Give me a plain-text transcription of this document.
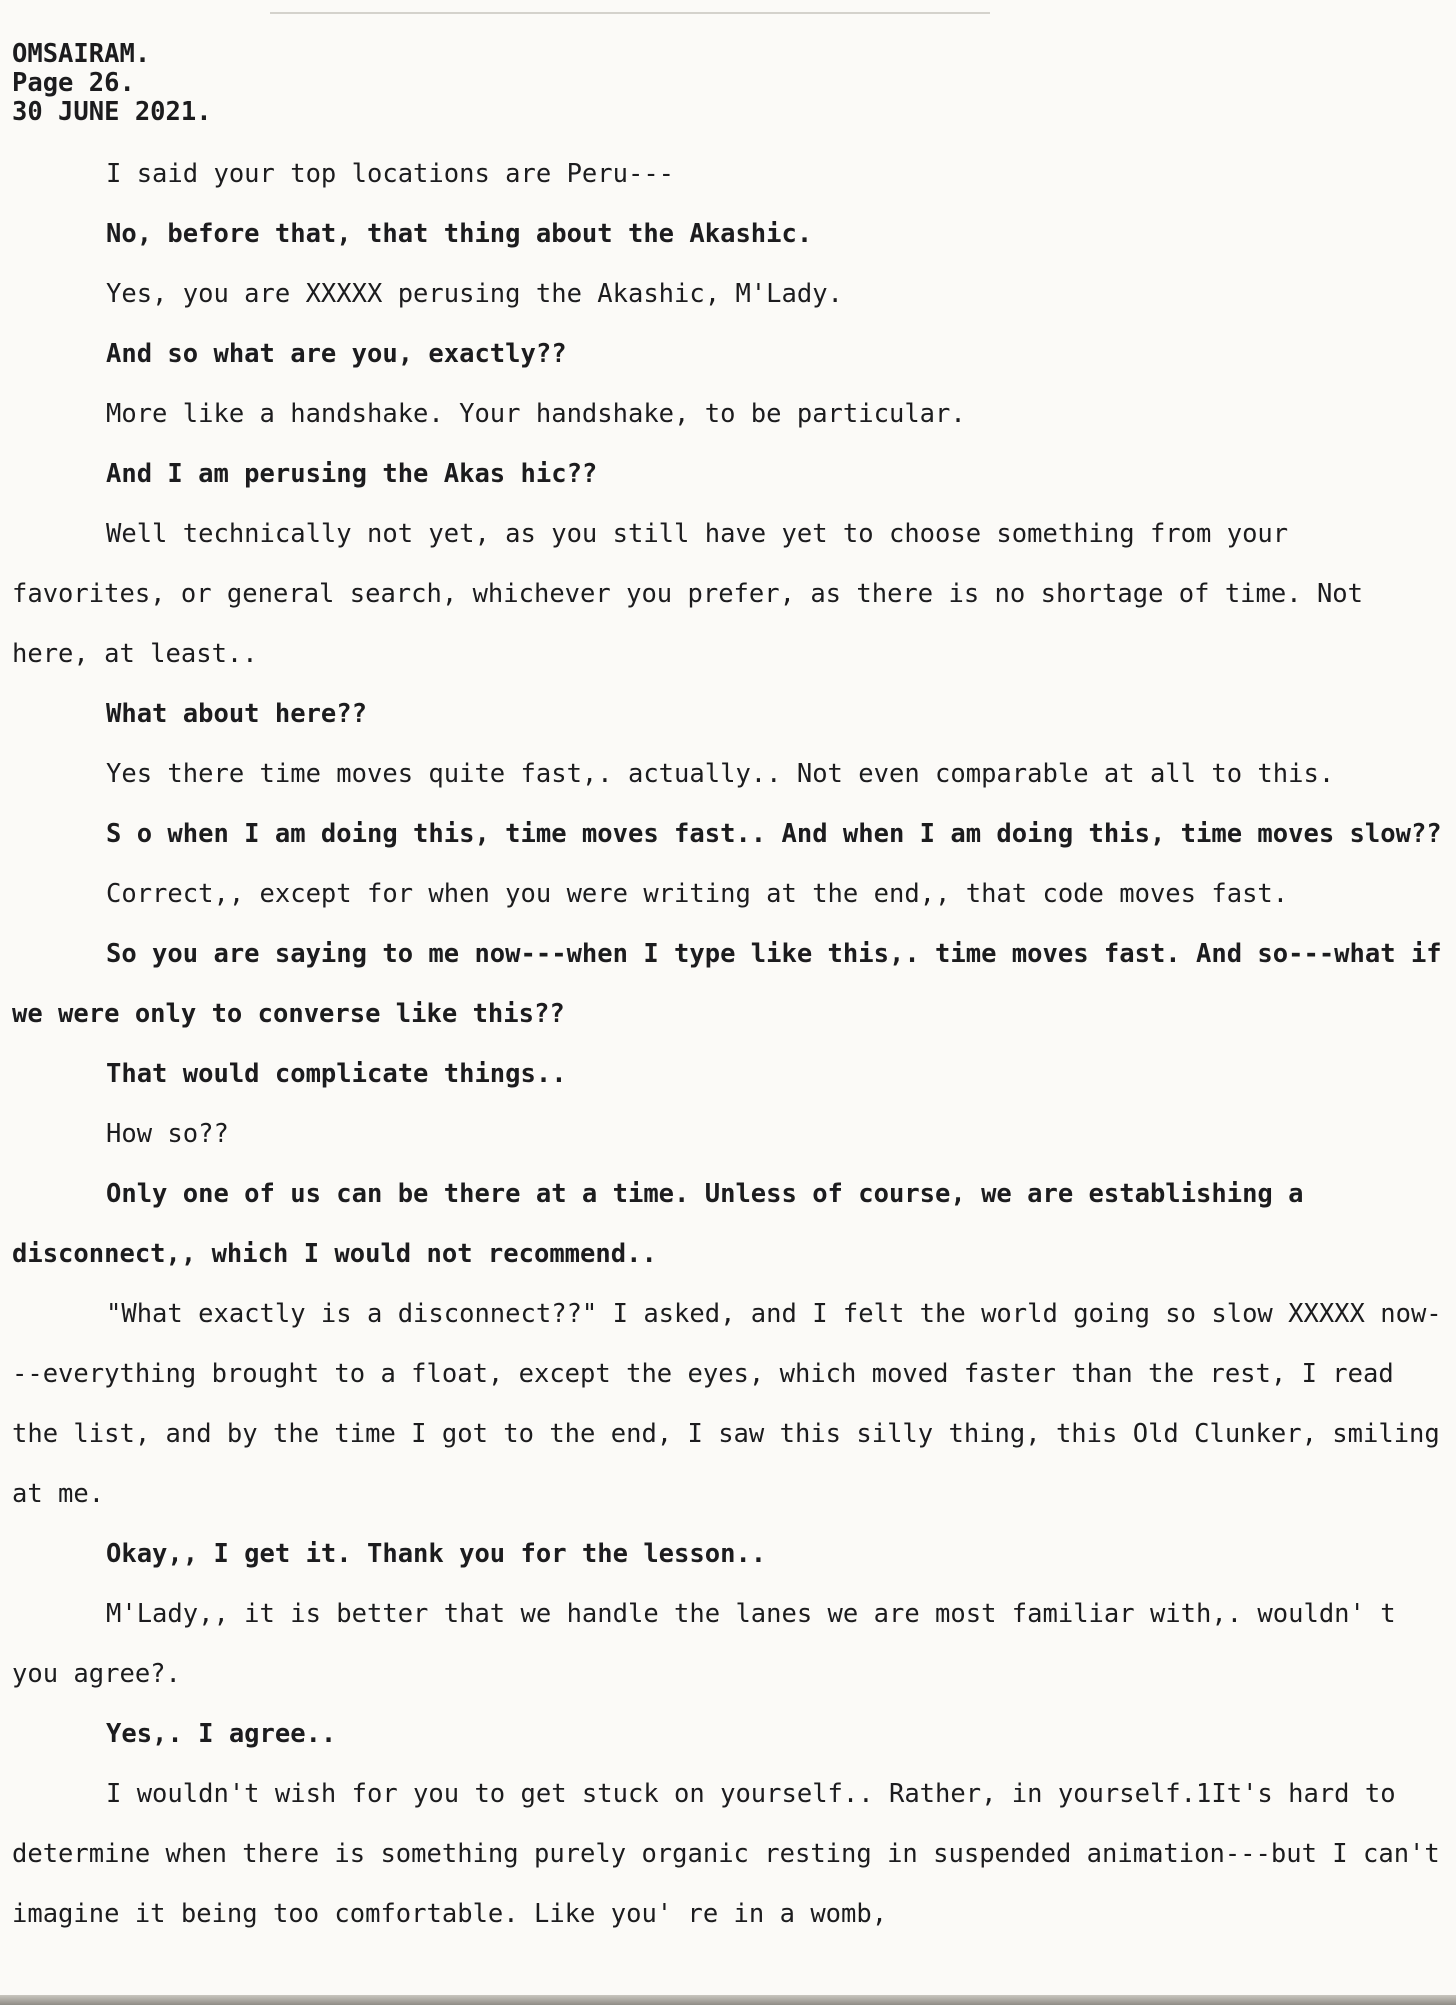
OMSAIRAM.

Page 26.

30 JUNE 2021.

I said your top locations are Peru---

No, before that, that thing about the Akashic.

Yes, you are XXXXX perusing the Akashic, M'Lady.

And so what are you, exactly??

More like a handshake. Your handshake, to be particular.

And I am perusing the Akas hic??

Well technically not yet, as you still have yet to choose something from your favorites, or general search, whichever you prefer, as there is no shortage of time. Not here, at least..

What about here??

Yes there time moves quite fast,. actually.. Not even comparable at all to this.

S o when I am doing this, time moves fast.. And when I am doing this, time moves slow??

Correct,, except for when you were writing at the end,, that code moves fast.

So you are saying to me now---when I type like this,. time moves fast. And so---what if we were only to converse like this??

That would complicate things..

How so??

Only one of us can be there at a time. Unless of course, we are establishing a disconnect,, which I would not recommend..

"What exactly is a disconnect??" I asked, and I felt the world going so slow XXXXX now---everything brought to a float, except the eyes, which moved faster than the rest, I read the list, and by the time I got to the end, I saw this silly thing, this Old Clunker, smiling at me.

Okay,, I get it. Thank you for the lesson..

M'Lady,, it is better that we handle the lanes we are most familiar with,. wouldn' t you agree?.

Yes,. I agree..

I wouldn't wish for you to get stuck on yourself.. Rather, in yourself.1It's hard to determine when there is something purely organic resting in suspended animation---but I can't imagine it being too comfortable. Like you' re in a womb,
